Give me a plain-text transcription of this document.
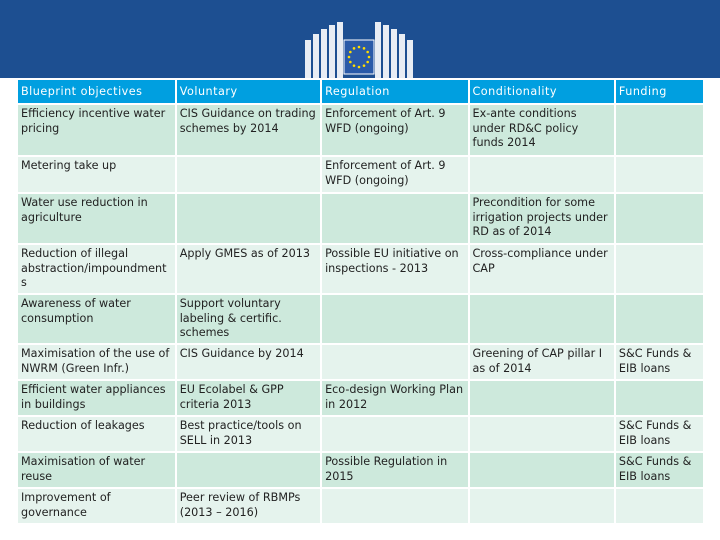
Blueprint objectives	Voluntary	Regulation	Conditionality	Funding
Efficiency incentive water pricing	CIS Guidance on trading schemes by 2014	Enforcement of Art. 9 WFD (ongoing)	Ex-ante conditions under RD&C policy funds 2014	
Metering take up		Enforcement of Art. 9 WFD (ongoing)		
Water use reduction in agriculture			Precondition for some irrigation projects under RD as of 2014	
Reduction of illegal abstraction/impoundments	Apply GMES as of 2013	Possible EU initiative on inspections - 2013	Cross-compliance under CAP	
Awareness of water consumption	Support voluntary labeling & certific. schemes			
Maximisation of the use of NWRM (Green Infr.)	CIS Guidance by 2014		Greening of CAP pillar I as of 2014	S&C Funds & EIB loans
Efficient water appliances in buildings	EU Ecolabel & GPP criteria 2013	Eco-design Working Plan in 2012		
Reduction of leakages	Best practice/tools on SELL in 2013			S&C Funds & EIB loans
Maximisation of water reuse		Possible Regulation in 2015		S&C Funds & EIB loans
Improvement of governance	Peer review of RBMPs (2013 – 2016)			
